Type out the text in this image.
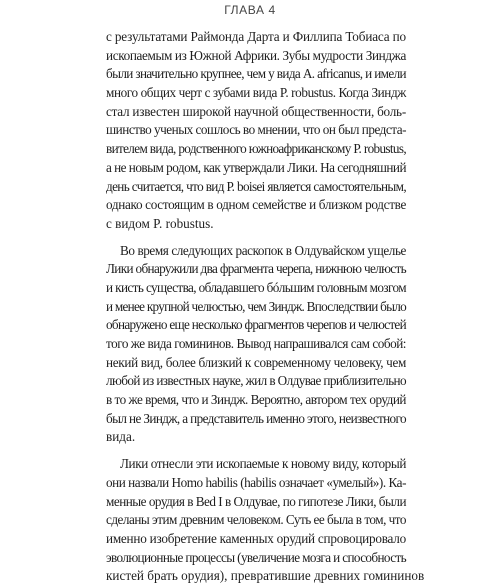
ГЛАВА 4
с результатами Раймонда Дарта и Филлипа Тобиаса по
ископаемым из Южной Африки. Зубы мудрости Зинджа
были значительно крупнее, чем у вида A. africanus, и имели
много общих черт с зубами вида P. robustus. Когда Зиндж
стал известен широкой научной общественности, боль-
шинство ученых сошлось во мнении, что он был предста-
вителем вида, родственного южноафриканскому P. robustus,
а не новым родом, как утверждали Лики. На сегодняшний
день считается, что вид P. boisei является самостоятельным,
однако состоящим в одном семействе и близком родстве
с видом P. robustus.
Во время следующих раскопок в Олдувайском ущелье
Лики обнаружили два фрагмента черепа, нижнюю челюсть
и кисть существа, обладавшего бóльшим головным мозгом
и менее крупной челюстью, чем Зиндж. Впоследствии было
обнаружено еще несколько фрагментов черепов и челюстей
того же вида гомининов. Вывод напрашивался сам собой:
некий вид, более близкий к современному человеку, чем
любой из известных науке, жил в Олдувае приблизительно
в то же время, что и Зиндж. Вероятно, автором тех орудий
был не Зиндж, а представитель именно этого, неизвестного
вида.
Лики отнесли эти ископаемые к новому виду, который
они назвали Homo habilis (habilis означает «умелый»). Ка-
менные орудия в Bed I в Олдувае, по гипотезе Лики, были
сделаны этим древним человеком. Суть ее была в том, что
именно изобретение каменных орудий спровоцировало
эволюционные процессы (увеличение мозга и способность
кистей брать орудия), превратившие древних гомининов
